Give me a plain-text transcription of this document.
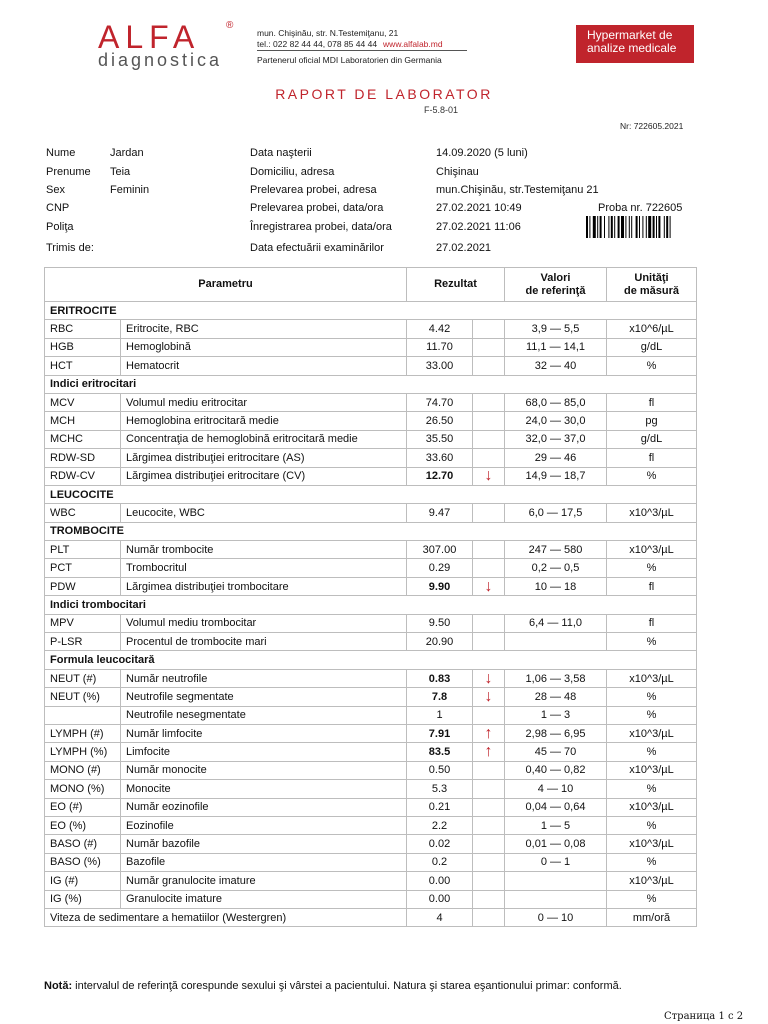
ALFA	®
diagnostica
mun. Chişinău, str. N.Testemiţanu, 21
tel.: 022 82 44 44, 078 85 44 44 www.alfalab.md
Partenerul oficial MDI Laboratorien din Germania
Hypermarket de
analize medicale
RAPORT DE LABORATOR
F-5.8-01
Nr: 722605.2021
Nume	Jardan
Prenume Teia
Sex	Feminin
CNP
Poliţa
Trimis de:
Data naşterii	14.09.2020 (5 luni)
Domiciliu, adresa	Chişinau
Prelevarea probei, adresa	mun.Chişinău, str.Testemiţanu 21
Prelevarea probei, data/ora	27.02.2021 10:49	Proba nr. 722605
Înregistrarea probei, data/ora	27.02.2021 11:06
Data efectuării examinărilor	27.02.2021
Parametru		Rezultat		Valori
de referinţă	Unităţi
de măsură
ERITROCITE					
RBC	Eritrocite, RBC	4.42		3,9 — 5,5	x10^6/µL
HGB	Hemoglobină	11.70		11,1 — 14,1	g/dL
HCT	Hematocrit	33.00		32 — 40	%
Indici eritrocitari					
MCV	Volumul mediu eritrocitar	74.70		68,0 — 85,0	fl
MCH	Hemoglobina eritrocitară medie	26.50		24,0 — 30,0	pg
MCHC	Concentraţia de hemoglobină eritrocitară medie	35.50		32,0 — 37,0	g/dL
RDW-SD	Lărgimea distribuţiei eritrocitare (AS)	33.60		29 — 46	fl
RDW-CV	Lărgimea distribuţiei eritrocitare (CV)	12.70	↓	14,9 — 18,7	%
LEUCOCITE					
WBC	Leucocite, WBC	9.47		6,0 — 17,5	x10^3/µL
TROMBOCITE					
PLT	Număr trombocite	307.00		247 — 580	x10^3/µL
PCT	Trombocritul	0.29		0,2 — 0,5	%
PDW	Lărgimea distribuţiei trombocitare	9.90	↓	10 — 18	fl
Indici trombocitari					
MPV	Volumul mediu trombocitar	9.50		6,4 — 11,0	fl
P-LSR	Procentul de trombocite mari	20.90			%
Formula leucocitară					
NEUT (#)	Număr neutrofile	0.83	↓	1,06 — 3,58	x10^3/µL
NEUT (%)	Neutrofile segmentate	7.8	↓	28 — 48	%
	Neutrofile nesegmentate	1		1 — 3	%
LYMPH (#)	Număr limfocite	7.91	↑	2,98 — 6,95	x10^3/µL
LYMPH (%)	Limfocite	83.5	↑	45 — 70	%
MONO (#)	Număr monocite	0.50		0,40 — 0,82	x10^3/µL
MONO (%)	Monocite	5.3		4 — 10	%
EO (#)	Număr eozinofile	0.21		0,04 — 0,64	x10^3/µL
EO (%)	Eozinofile	2.2		1 — 5	%
BASO (#)	Număr bazofile	0.02		0,01 — 0,08	x10^3/µL
BASO (%)	Bazofile	0.2		0 — 1	%
IG (#)	Număr granulocite imature	0.00			x10^3/µL
IG (%)	Granulocite imature	0.00			%
Viteza de sedimentare a hematiilor (Westergren)		4		0 — 10	mm/oră
Notă: intervalul de referinţă corespunde sexului şi vârstei a pacientului. Natura şi starea eşantionului primar: conformă.
Страница 1 с 2
